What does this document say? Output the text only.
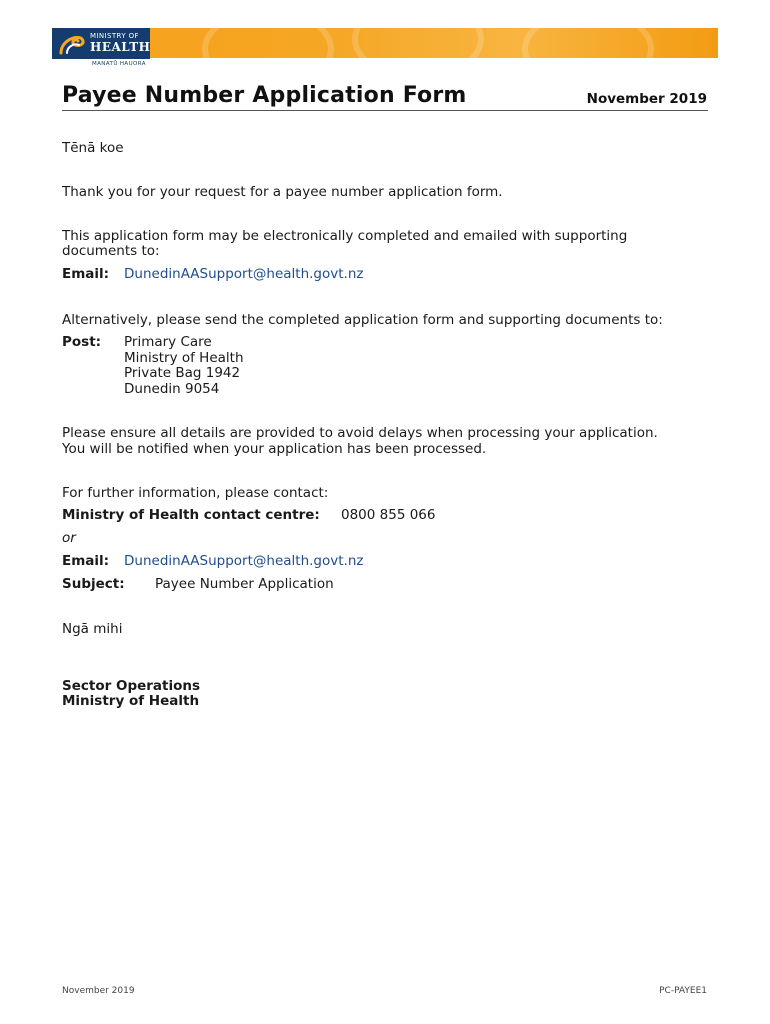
MINISTRY OF
HEALTH
MANATŪ HAUORA
Payee Number Application Form	November 2019
Tēnā koe
Thank you for your request for a payee number application form.
This application form may be electronically completed and emailed with supporting
documents to:
Email: DunedinAASupport@health.govt.nz
Alternatively, please send the completed application form and supporting documents to:
Post: Primary Care
Ministry of Health
Private Bag 1942
Dunedin 9054
Please ensure all details are provided to avoid delays when processing your application.
You will be notified when your application has been processed.
For further information, please contact:
Ministry of Health contact centre: 0800 855 066
or
Email: DunedinAASupport@health.govt.nz
Subject: Payee Number Application
Ngā mihi
Sector Operations
Ministry of Health
November 2019	PC-PAYEE1
